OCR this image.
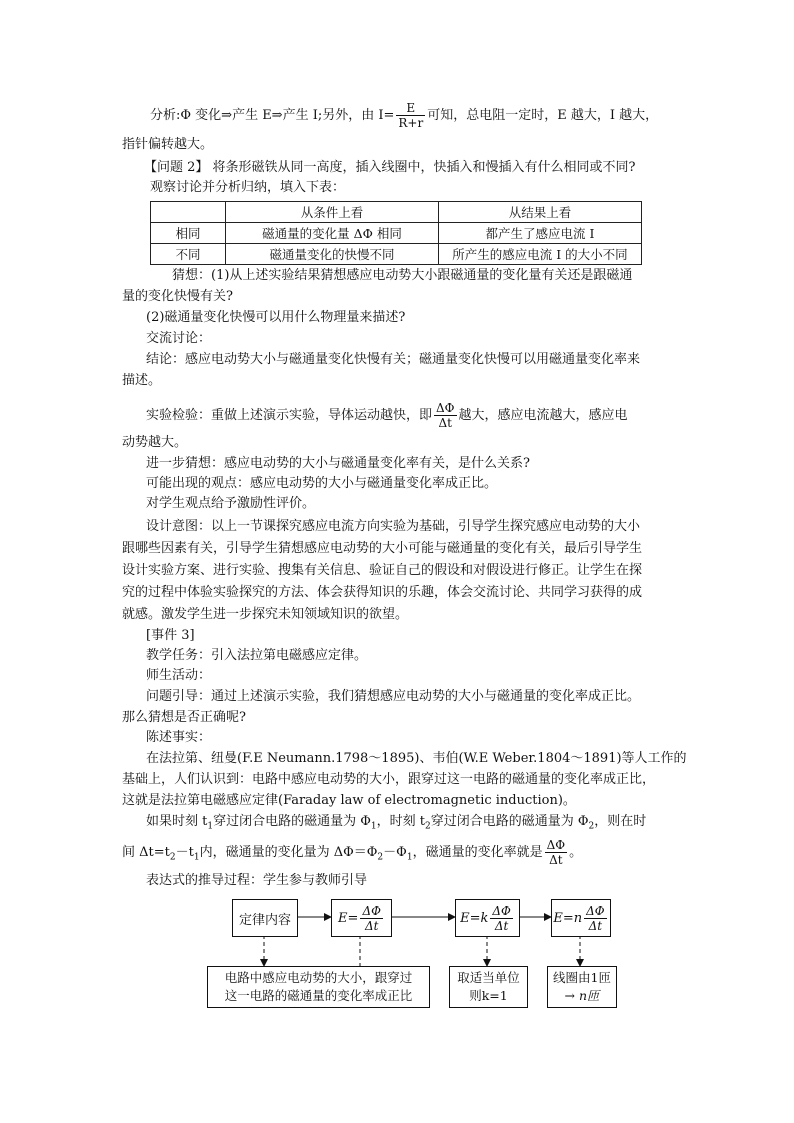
分析:Φ 变化⇒产生 E⇒产生 I;另外，由 $I= \frac{E}{R+r}$ 可知，总电阻一定时，E 越大，I 越大，
指针偏转越大。
【问题 2】 将条形磁铁从同一高度，插入线圈中，快插入和慢插入有什么相同或不同?
观察讨论并分析归纳，填入下表：
	从条件上看	从结果上看
相同	磁通量的变化量 ΔΦ 相同	都产生了感应电流 I
不同	磁通量变化的快慢不同	所产生的感应电流 I 的大小不同
猜想：(1)从上述实验结果猜想感应电动势大小跟磁通量的变化量有关还是跟磁通
量的变化快慢有关?
(2)磁通量变化快慢可以用什么物理量来描述?
交流讨论：
结论：感应电动势大小与磁通量变化快慢有关；磁通量变化快慢可以用磁通量变化率来
描述。
实验检验：重做上述演示实验，导体运动越快，即 $\frac{\Delta\Phi}{\Delta t}$ 越大，感应电流越大，感应电
动势越大。
进一步猜想：感应电动势的大小与磁通量变化率有关，是什么关系?
可能出现的观点：感应电动势的大小与磁通量变化率成正比。
对学生观点给予激励性评价。
设计意图：以上一节课探究感应电流方向实验为基础，引导学生探究感应电动势的大小
跟哪些因素有关，引导学生猜想感应电动势的大小可能与磁通量的变化有关，最后引导学生
设计实验方案、进行实验、搜集有关信息、验证自己的假设和对假设进行修正。让学生在探
究的过程中体验实验探究的方法、体会获得知识的乐趣，体会交流讨论、共同学习获得的成
就感。激发学生进一步探究未知领域知识的欲望。
[事件 3]
教学任务：引入法拉第电磁感应定律。
师生活动：
问题引导：通过上述演示实验，我们猜想感应电动势的大小与磁通量的变化率成正比。
那么猜想是否正确呢?
陈述事实：
在法拉第、纽曼(F.E Neumann.1798～1895)、韦伯(W.E Weber.1804～1891)等人工作的
基础上，人们认识到：电路中感应电动势的大小，跟穿过这一电路的磁通量的变化率成正比，
这就是法拉第电磁感应定律(Faraday law of electromagnetic induction)。
如果时刻 $t_1$穿过闭合电路的磁通量为 $\Phi_1$，时刻 $t_2$穿过闭合电路的磁通量为 $\Phi_2$，则在时
间 $\Delta t=t_2-t_1$内，磁通量的变化量为 $\Delta\Phi=\Phi_2-\Phi_1$，磁通量的变化率就是 $\frac{\Delta\Phi}{\Delta t}$ 。
表达式的推导过程：学生参与教师引导
定律内容	$E= \frac{\Delta\Phi}{\Delta t}$	$E=k \frac{\Delta\Phi}{\Delta t}$	$E=n \frac{\Delta\Phi}{\Delta t}$
电路中感应电动势的大小，跟穿过
这一电路的磁通量的变化率成正比
取适当单位
则k=1
线圈由1匝
→ n匝
